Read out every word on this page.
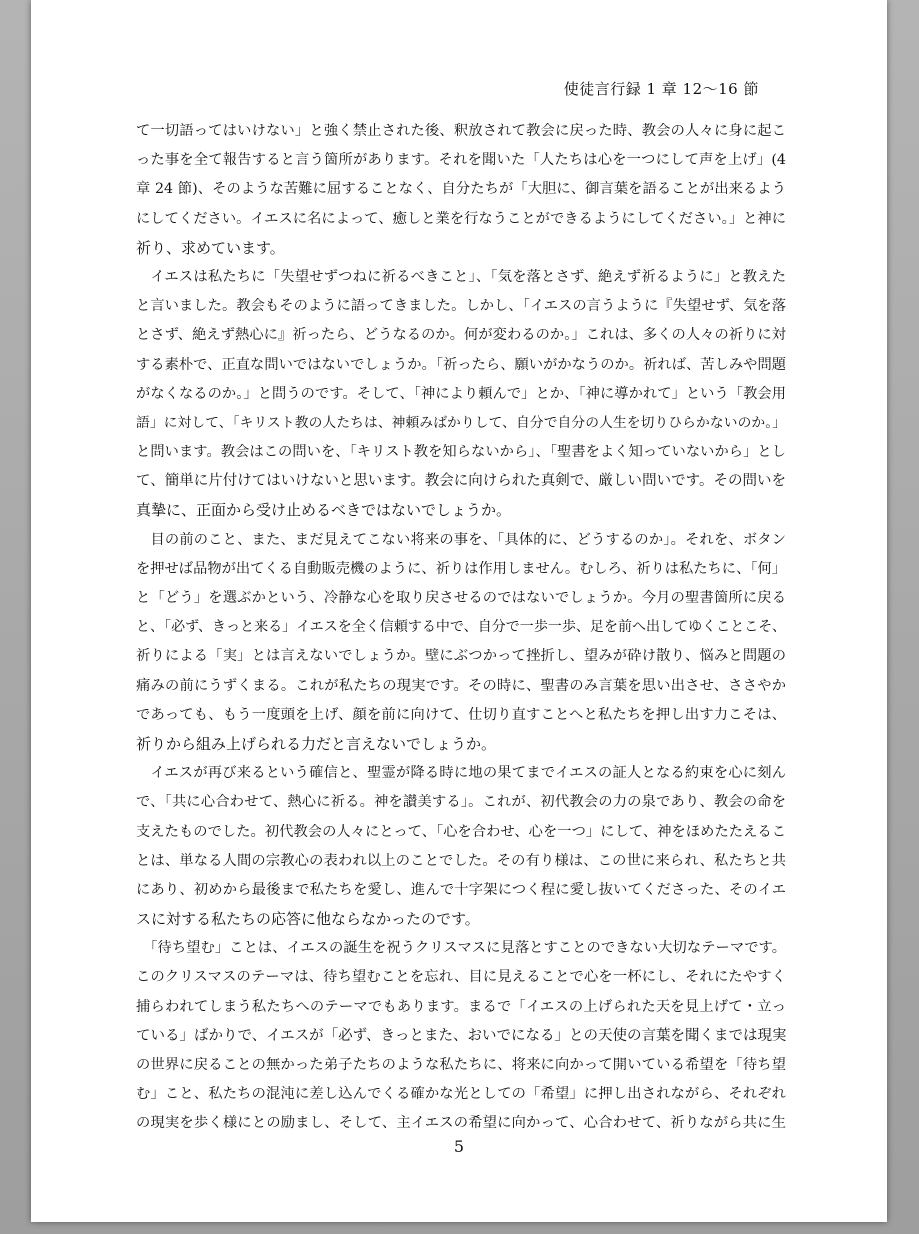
使徒言行録 1 章 12〜16 節
て一切語ってはいけない」と強く禁止された後、釈放されて教会に戻った時、教会の人々に身に起こ
った事を全て報告すると言う箇所があります。それを聞いた「人たちは心を一つにして声を上げ」(4
章 24 節)、そのような苦難に屈することなく、自分たちが「大胆に、御言葉を語ることが出来るよう
にしてください。イエスに名によって、癒しと業を行なうことができるようにしてください。」と神に
祈り、求めています。
　イエスは私たちに「失望せずつねに祈るべきこと」、「気を落とさず、絶えず祈るように」と教えた
と言いました。教会もそのように語ってきました。しかし、「イエスの言うように『失望せず、気を落
とさず、絶えず熱心に』祈ったら、どうなるのか。何が変わるのか。」これは、多くの人々の祈りに対
する素朴で、正直な問いではないでしょうか。「祈ったら、願いがかなうのか。祈れば、苦しみや問題
がなくなるのか。」と問うのです。そして、「神により頼んで」とか、「神に導かれて」という「教会用
語」に対して、「キリスト教の人たちは、神頼みばかりして、自分で自分の人生を切りひらかないのか。」
と問います。教会はこの問いを、「キリスト教を知らないから」、「聖書をよく知っていないから」とし
て、簡単に片付けてはいけないと思います。教会に向けられた真剣で、厳しい問いです。その問いを
真摯に、正面から受け止めるべきではないでしょうか。
　目の前のこと、また、まだ見えてこない将来の事を、「具体的に、どうするのか」。それを、ボタン
を押せば品物が出てくる自動販売機のように、祈りは作用しません。むしろ、祈りは私たちに、「何」
と「どう」を選ぶかという、冷静な心を取り戻させるのではないでしょうか。今月の聖書箇所に戻る
と、「必ず、きっと来る」イエスを全く信頼する中で、自分で一歩一歩、足を前へ出してゆくことこそ、
祈りによる「実」とは言えないでしょうか。壁にぶつかって挫折し、望みが砕け散り、悩みと問題の
痛みの前にうずくまる。これが私たちの現実です。その時に、聖書のみ言葉を思い出させ、ささやか
であっても、もう一度頭を上げ、顔を前に向けて、仕切り直すことへと私たちを押し出す力こそは、
祈りから組み上げられる力だと言えないでしょうか。
　イエスが再び来るという確信と、聖霊が降る時に地の果てまでイエスの証人となる約束を心に刻ん
で、「共に心合わせて、熱心に祈る。神を讃美する」。これが、初代教会の力の泉であり、教会の命を
支えたものでした。初代教会の人々にとって、「心を合わせ、心を一つ」にして、神をほめたたえるこ
とは、単なる人間の宗教心の表われ以上のことでした。その有り様は、この世に来られ、私たちと共
にあり、初めから最後まで私たちを愛し、進んで十字架につく程に愛し抜いてくださった、そのイエ
スに対する私たちの応答に他ならなかったのです。
　「待ち望む」ことは、イエスの誕生を祝うクリスマスに見落とすことのできない大切なテーマです。
このクリスマスのテーマは、待ち望むことを忘れ、目に見えることで心を一杯にし、それにたやすく
捕らわれてしまう私たちへのテーマでもあります。まるで「イエスの上げられた天を見上げて・立っ
ている」ばかりで、イエスが「必ず、きっとまた、おいでになる」との天使の言葉を聞くまでは現実
の世界に戻ることの無かった弟子たちのような私たちに、将来に向かって開いている希望を「待ち望
む」こと、私たちの混沌に差し込んでくる確かな光としての「希望」に押し出されながら、それぞれ
の現実を歩く様にとの励まし、そして、主イエスの希望に向かって、心合わせて、祈りながら共に生
5
